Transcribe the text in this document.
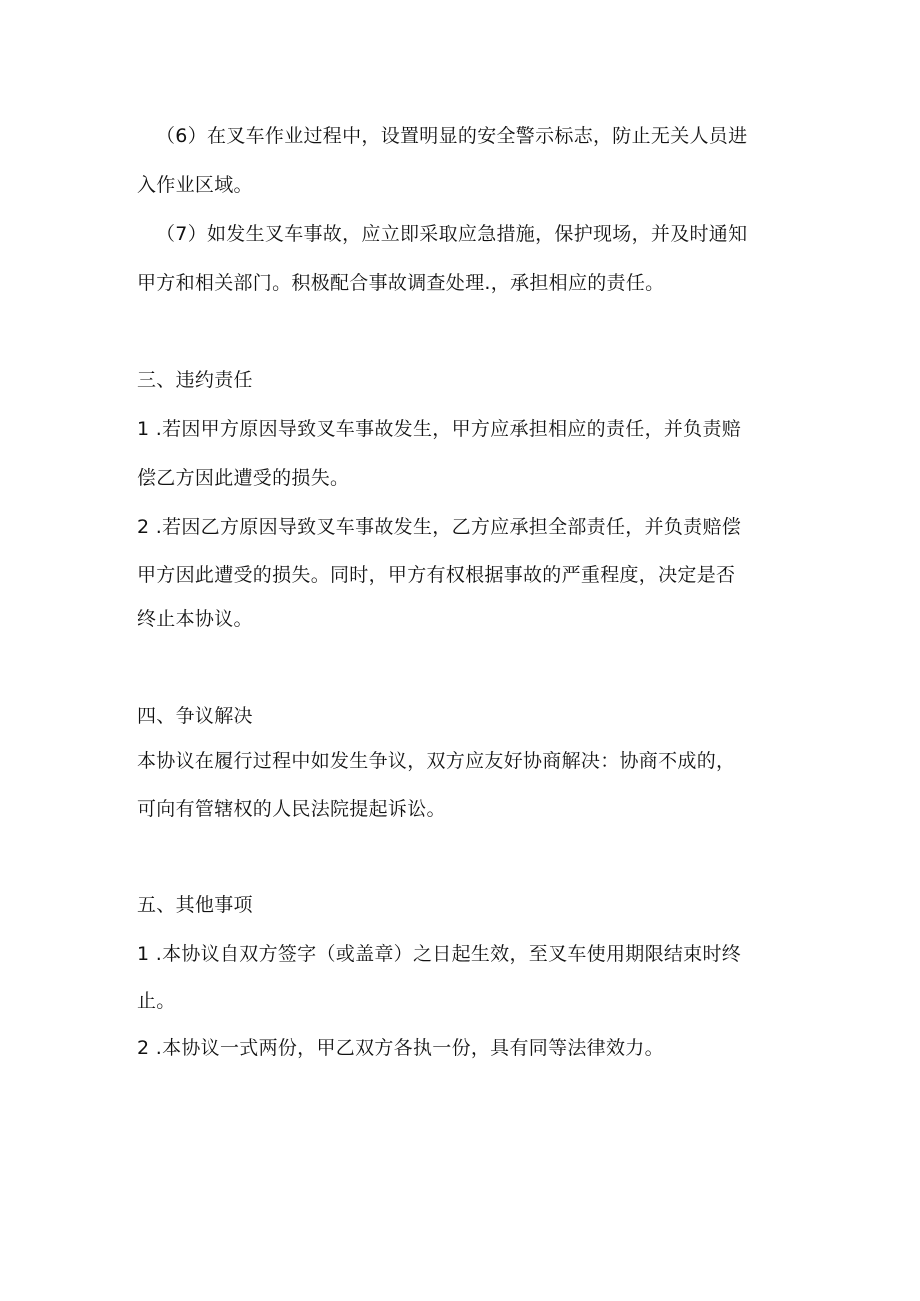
（6）在叉车作业过程中，设置明显的安全警示标志，防止无关人员进
入作业区域。
（7）如发生叉车事故，应立即采取应急措施，保护现场，并及时通知
甲方和相关部门。积极配合事故调查处理.，承担相应的责任。
三、违约责任
1 .若因甲方原因导致叉车事故发生，甲方应承担相应的责任，并负责赔
偿乙方因此遭受的损失。
2 .若因乙方原因导致叉车事故发生，乙方应承担全部责任，并负责赔偿
甲方因此遭受的损失。同时，甲方有权根据事故的严重程度，决定是否
终止本协议。
四、争议解决
本协议在履行过程中如发生争议，双方应友好协商解决：协商不成的，
可向有管辖权的人民法院提起诉讼。
五、其他事项
1 .本协议自双方签字（或盖章）之日起生效，至叉车使用期限结束时终
止。
2 .本协议一式两份，甲乙双方各执一份，具有同等法律效力。
